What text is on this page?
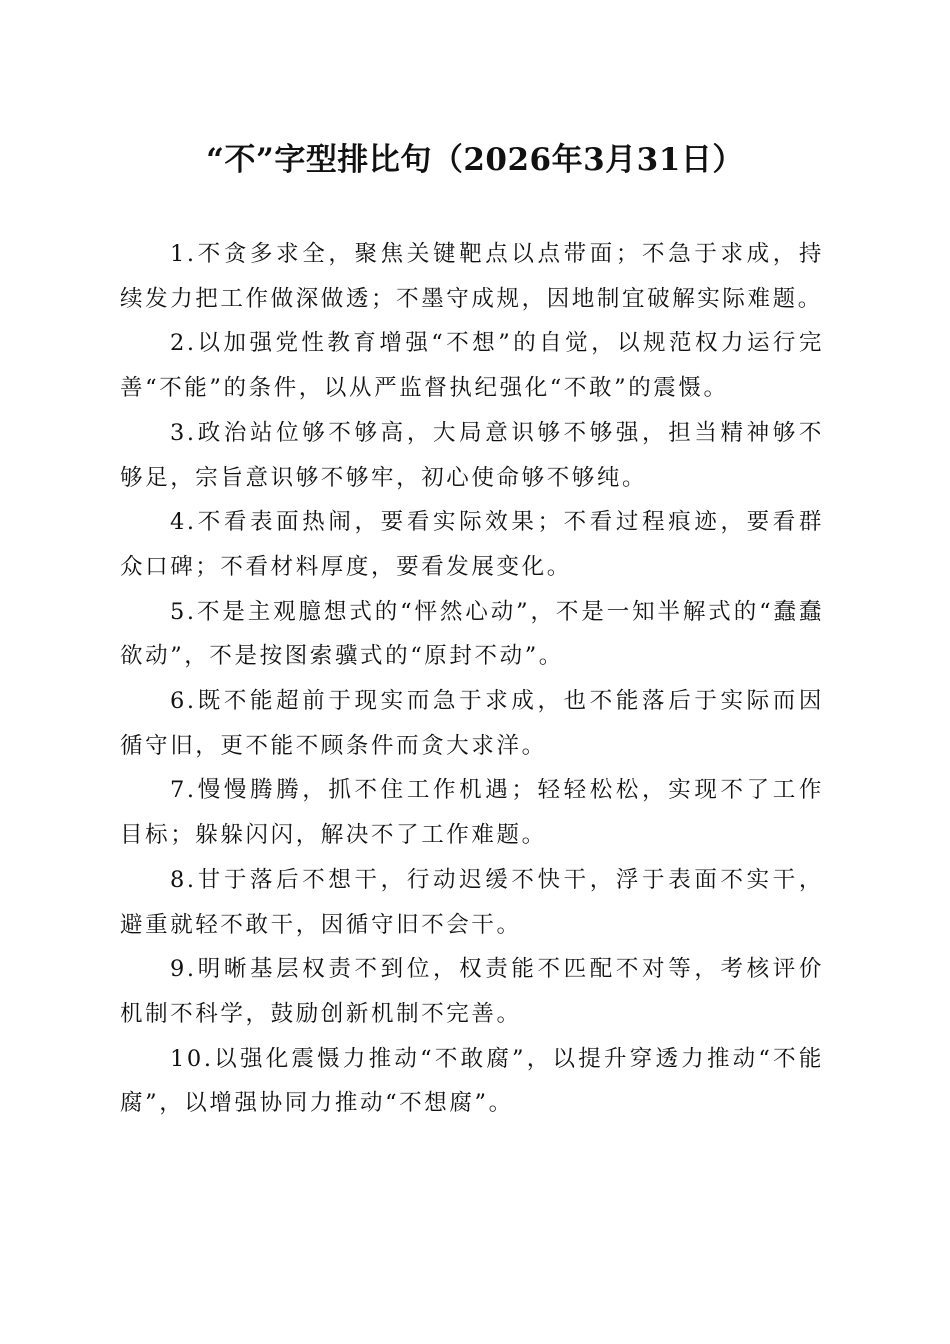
“不”字型排比句（2026年3月31日）

1.不贪多求全，聚焦关键靶点以点带面；不急于求成，持续发力把工作做深做透；不墨守成规，因地制宜破解实际难题。

2.以加强党性教育增强“不想”的自觉，以规范权力运行完善“不能”的条件，以从严监督执纪强化“不敢”的震慑。

3.政治站位够不够高，大局意识够不够强，担当精神够不够足，宗旨意识够不够牢，初心使命够不够纯。

4.不看表面热闹，要看实际效果；不看过程痕迹，要看群众口碑；不看材料厚度，要看发展变化。

5.不是主观臆想式的“怦然心动”，不是一知半解式的“蠢蠢欲动”，不是按图索骥式的“原封不动”。

6.既不能超前于现实而急于求成，也不能落后于实际而因循守旧，更不能不顾条件而贪大求洋。

7.慢慢腾腾，抓不住工作机遇；轻轻松松，实现不了工作目标；躲躲闪闪，解决不了工作难题。

8.甘于落后不想干，行动迟缓不快干，浮于表面不实干，避重就轻不敢干，因循守旧不会干。

9.明晰基层权责不到位，权责能不匹配不对等，考核评价机制不科学，鼓励创新机制不完善。

10.以强化震慑力推动“不敢腐”，以提升穿透力推动“不能腐”，以增强协同力推动“不想腐”。
